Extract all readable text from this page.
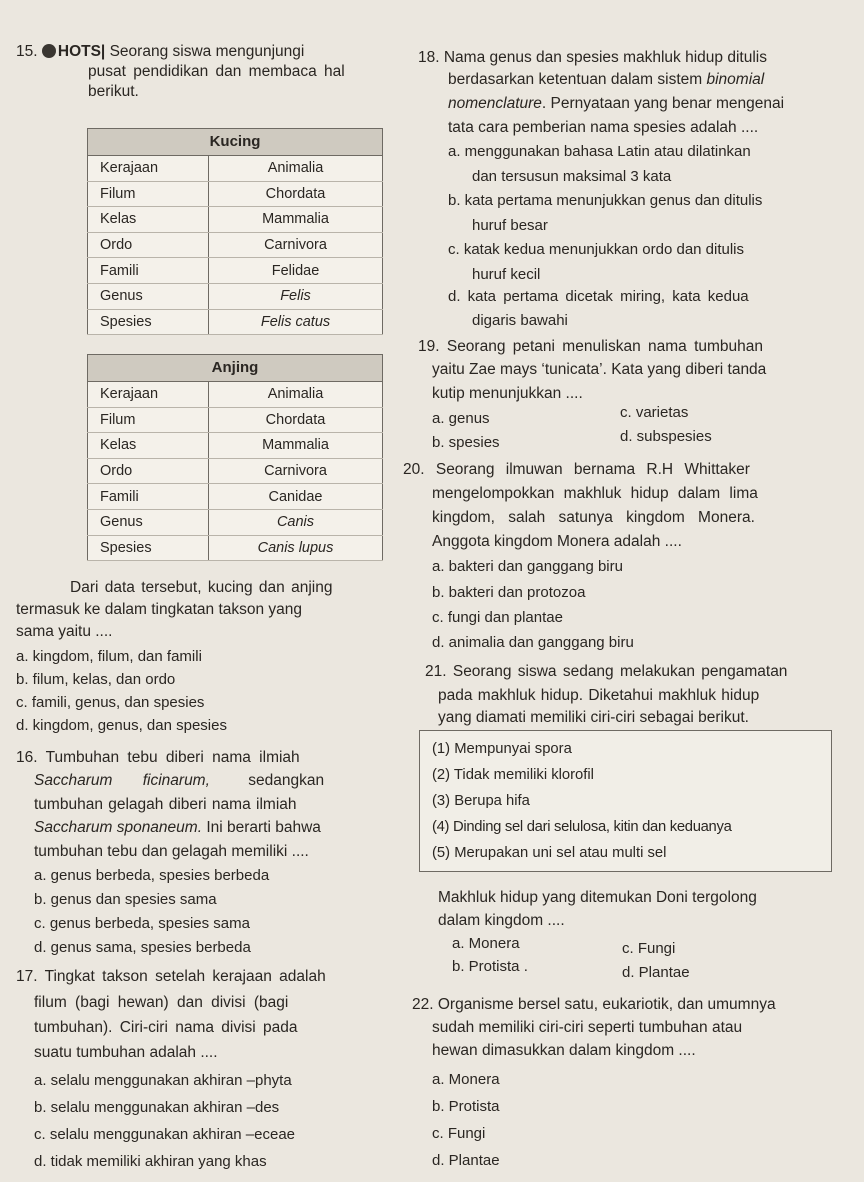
15. HOTS| Seorang siswa mengunjungi
pusat pendidikan dan membaca hal
berikut.
Kucing	
Kerajaan	Animalia
Filum	Chordata
Kelas	Mammalia
Ordo	Carnivora
Famili	Felidae
Genus	Felis
Spesies	Felis catus
Anjing	
Kerajaan	Animalia
Filum	Chordata
Kelas	Mammalia
Ordo	Carnivora
Famili	Canidae
Genus	Canis
Spesies	Canis lupus
Dari data tersebut, kucing dan anjing
termasuk ke dalam tingkatan takson yang
sama yaitu ....
a. kingdom, filum, dan famili
b. filum, kelas, dan ordo
c. famili, genus, dan spesies
d. kingdom, genus, dan spesies
16. Tumbuhan tebu diberi nama ilmiah
Saccharum ficinarum, sedangkan
tumbuhan gelagah diberi nama ilmiah
Saccharum sponaneum. Ini berarti bahwa
tumbuhan tebu dan gelagah memiliki ....
a. genus berbeda, spesies berbeda
b. genus dan spesies sama
c. genus berbeda, spesies sama
d. genus sama, spesies berbeda
17. Tingkat takson setelah kerajaan adalah
filum (bagi hewan) dan divisi (bagi
tumbuhan). Ciri-ciri nama divisi pada
suatu tumbuhan adalah ....
a. selalu menggunakan akhiran –phyta
b. selalu menggunakan akhiran –des
c. selalu menggunakan akhiran –eceae
d. tidak memiliki akhiran yang khas
18. Nama genus dan spesies makhluk hidup ditulis
berdasarkan ketentuan dalam sistem binomial
nomenclature. Pernyataan yang benar mengenai
tata cara pemberian nama spesies adalah ....
a. menggunakan bahasa Latin atau dilatinkan
dan tersusun maksimal 3 kata
b. kata pertama menunjukkan genus dan ditulis
huruf besar
c. katak kedua menunjukkan ordo dan ditulis
huruf kecil
d. kata pertama dicetak miring, kata kedua
digaris bawahi
19. Seorang petani menuliskan nama tumbuhan
yaitu Zae mays ‘tunicata’. Kata yang diberi tanda
kutip menunjukkan ....
a. genus	c. varietas
b. spesies	d. subspesies
20. Seorang ilmuwan bernama R.H Whittaker
mengelompokkan makhluk hidup dalam lima
kingdom, salah satunya kingdom Monera.
Anggota kingdom Monera adalah ....
a. bakteri dan ganggang biru
b. bakteri dan protozoa
c. fungi dan plantae
d. animalia dan ganggang biru
21. Seorang siswa sedang melakukan pengamatan
pada makhluk hidup. Diketahui makhluk hidup
yang diamati memiliki ciri-ciri sebagai berikut.
(1) Mempunyai spora
(2) Tidak memiliki klorofil
(3) Berupa hifa
(4) Dinding sel dari selulosa, kitin dan keduanya
(5) Merupakan uni sel atau multi sel
Makhluk hidup yang ditemukan Doni tergolong
dalam kingdom ....
a. Monera	c. Fungi
b. Protista .	d. Plantae
22. Organisme bersel satu, eukariotik, dan umumnya
sudah memiliki ciri-ciri seperti tumbuhan atau
hewan dimasukkan dalam kingdom ....
a. Monera
b. Protista
c. Fungi
d. Plantae
